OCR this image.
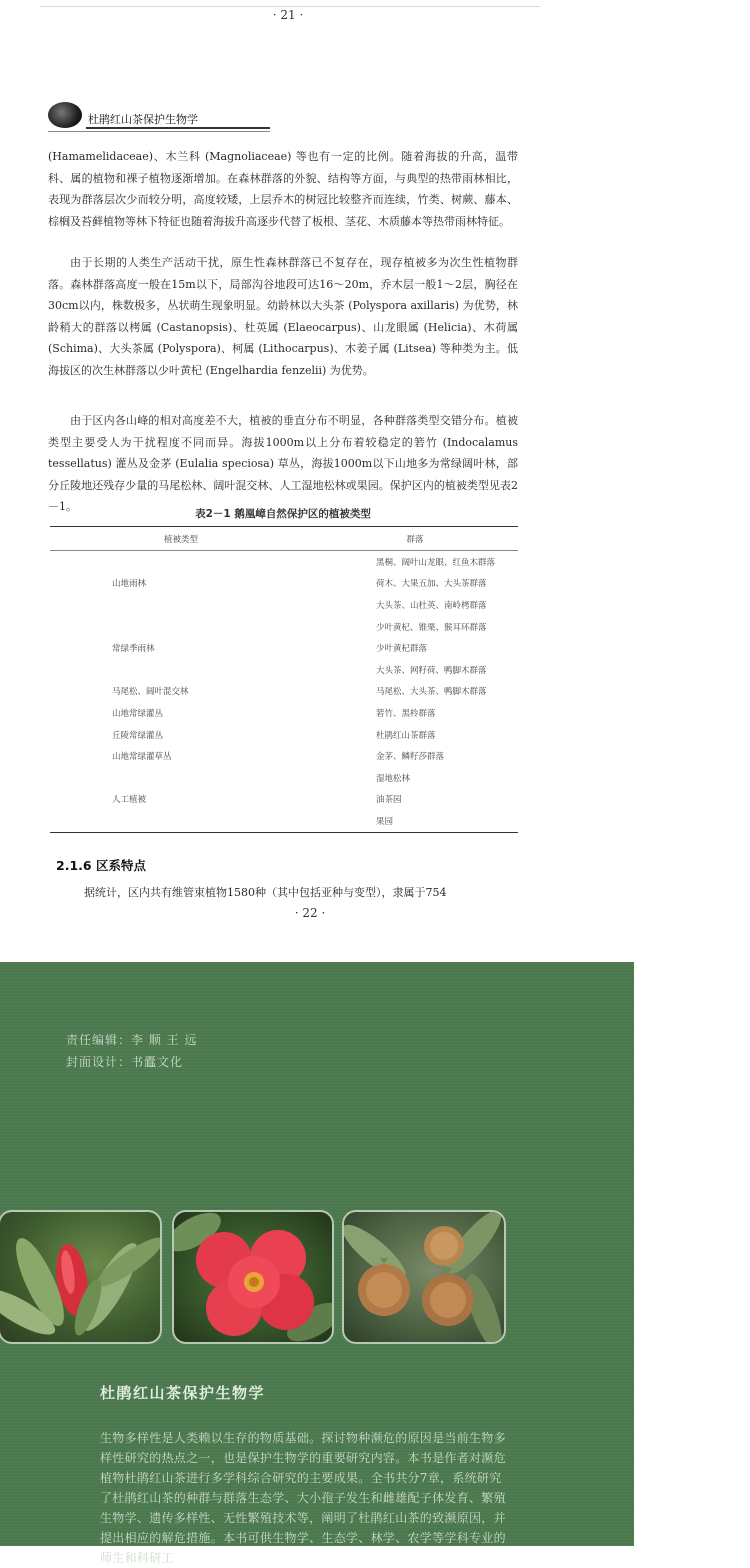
· 21 ·
杜鹃红山茶保护生物学
(Hamamelidaceae)、木兰科 (Magnoliaceae) 等也有一定的比例。随着海拔的升高，温带科、属的植物和裸子植物逐渐增加。在森林群落的外貌、结构等方面，与典型的热带雨林相比，表现为群落层次少而较分明，高度较矮，上层乔木的树冠比较整齐而连续，竹类、树蕨、藤本、棕榈及苔藓植物等林下特征也随着海拔升高逐步代替了板根、茎花、木质藤本等热带雨林特征。
由于长期的人类生产活动干扰，原生性森林群落已不复存在，现存植被多为次生性植物群落。森林群落高度一般在15m以下，局部沟谷地段可达16～20m，乔木层一般1～2层，胸径在30cm以内，株数极多，丛状萌生现象明显。幼龄林以大头茶 (Polyspora axillaris) 为优势，林龄稍大的群落以栲属 (Castanopsis)、杜英属 (Elaeocarpus)、山龙眼属 (Helicia)、木荷属 (Schima)、大头茶属 (Polyspora)、柯属 (Lithocarpus)、木姜子属 (Litsea) 等种类为主。低海拔区的次生林群落以少叶黄杞 (Engelhardia fenzelii) 为优势。
由于区内各山峰的相对高度差不大，植被的垂直分布不明显，各种群落类型交错分布。植被类型主要受人为干扰程度不同而异。海拔1000m以上分布着较稳定的箬竹 (Indocalamus tessellatus) 灌丛及金茅 (Eulalia speciosa) 草丛，海拔1000m以下山地多为常绿阔叶林，部分丘陵地还残存少量的马尾松林、阔叶混交林、人工湿地松林或果园。保护区内的植被类型见表2－1。
表2－1 鹅凰嶂自然保护区的植被类型
植被类型	群落
	黑桐、阔叶山龙眼、红鱼木群落
山地雨林	荷木、大果五加、大头茶群落
	大头茶、山杜英、南岭栲群落
	少叶黄杞、锥栗、猴耳环群落
常绿季雨林	少叶黄杞群落
	大头茶、网籽荷、鸭脚木群落
马尾松、阔叶混交林	马尾松、大头茶、鸭脚木群落
山地常绿灌丛	箬竹、黑柃群落
丘陵常绿灌丛	杜鹃红山茶群落
山地常绿灌草丛	金茅、鳞籽莎群落
	湿地松林
人工植被	油茶园
	果园
2.1.6 区系特点
据统计，区内共有维管束植物1580种（其中包括亚种与变型），隶属于754
· 22 ·
责任编辑：李 顺 王 远
封面设计：书蠹文化
杜鹃红山茶保护生物学
生物多样性是人类赖以生存的物质基础。探讨物种濒危的原因是当前生物多样性研究的热点之一，也是保护生物学的重要研究内容。本书是作者对濒危植物杜鹃红山茶进行多学科综合研究的主要成果。全书共分7章，系统研究了杜鹃红山茶的种群与群落生态学、大小孢子发生和雌雄配子体发育、繁殖生物学、遗传多样性、无性繁殖技术等，阐明了杜鹃红山茶的致濒原因，并提出相应的解危措施。本书可供生物学、生态学、林学、农学等学科专业的师生和科研工
